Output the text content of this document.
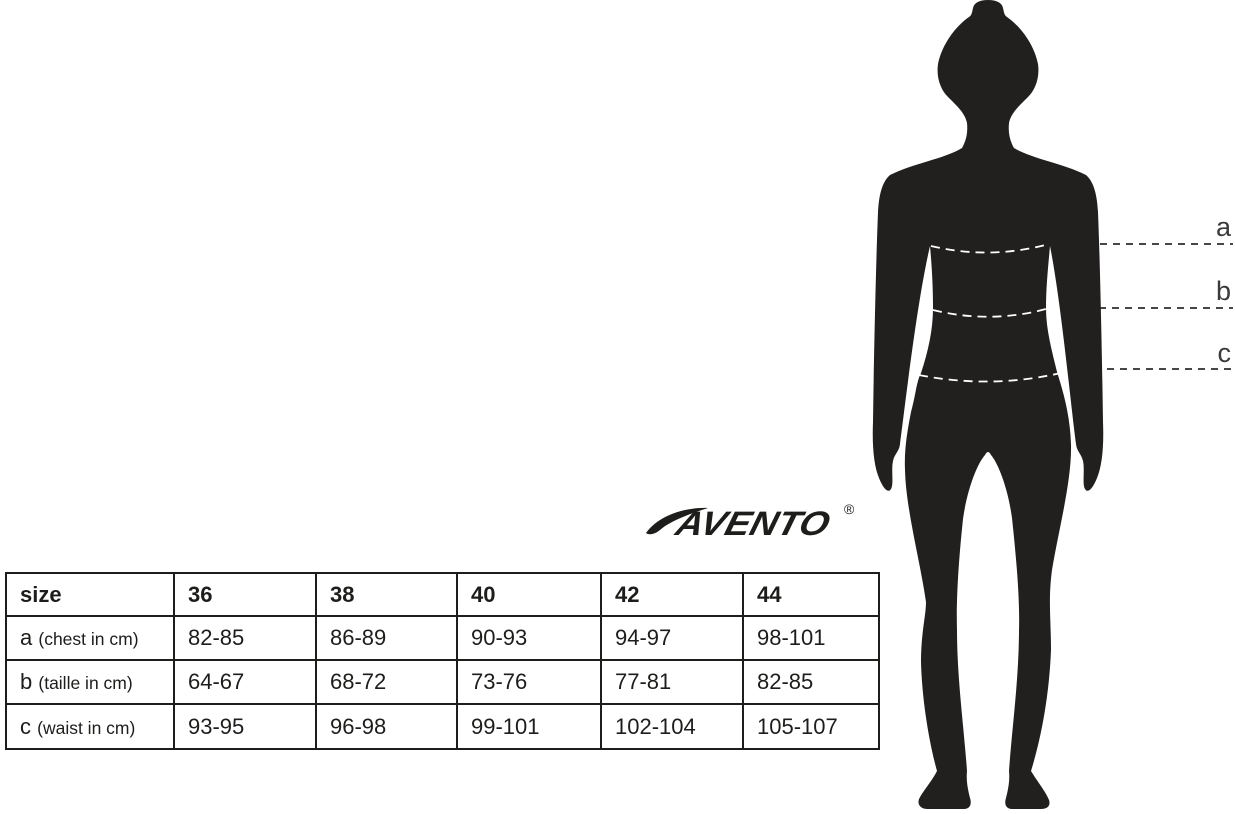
a
b
c
AVENTO	®
size	36	38	40	42	44
a (chest in cm)	82-85	86-89	90-93	94-97	98-101
b (taille in cm)	64-67	68-72	73-76	77-81	82-85
c (waist in cm)	93-95	96-98	99-101	102-104	105-107
